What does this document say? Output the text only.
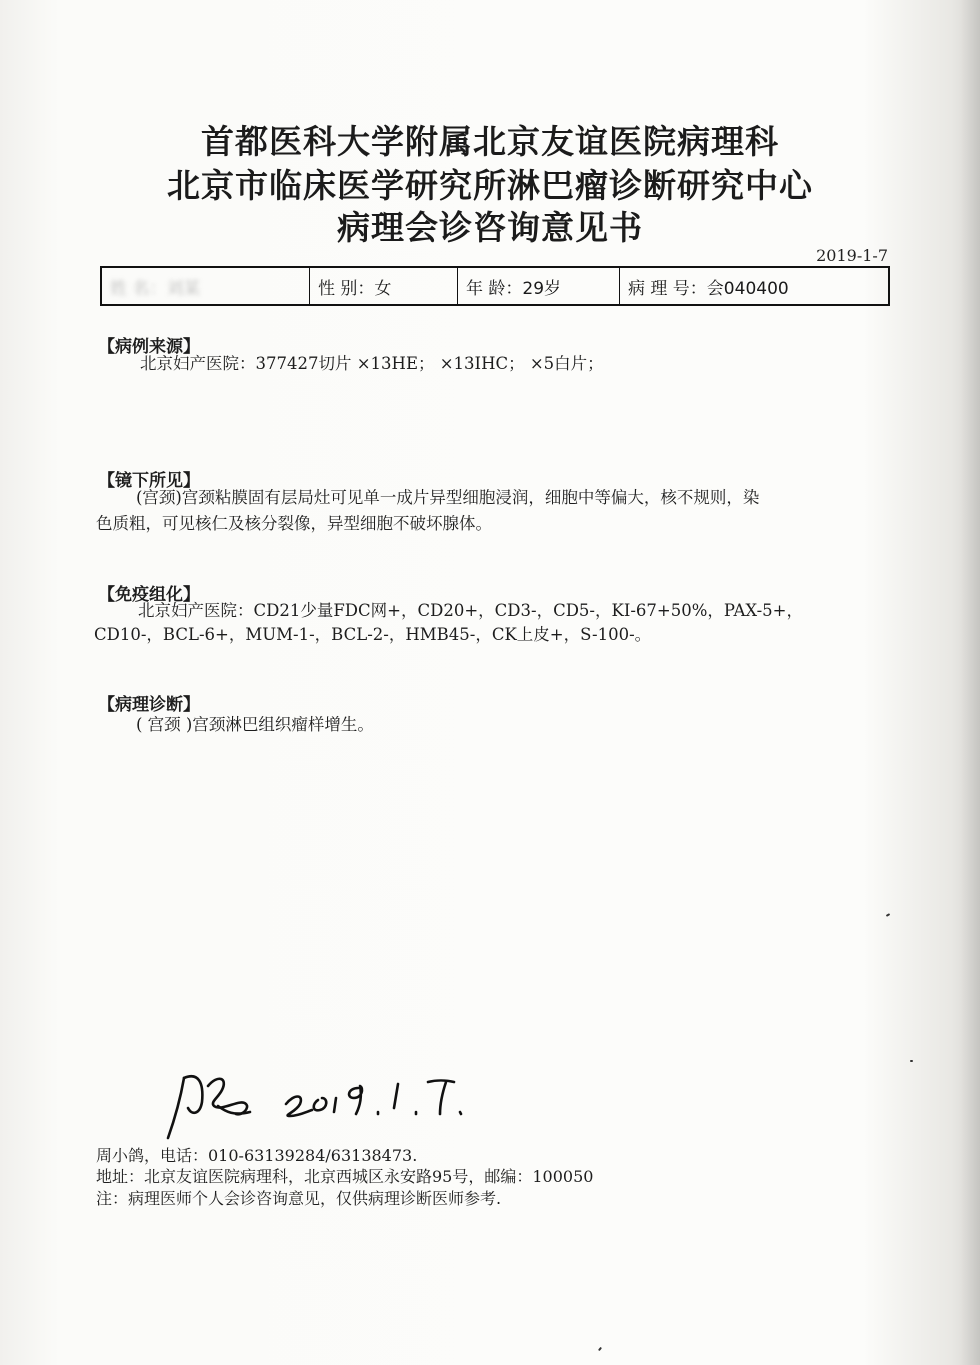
首都医科大学附属北京友谊医院病理科
北京市临床医学研究所淋巴瘤诊断研究中心
病理会诊咨询意见书
2019-1-7
姓 名：刘某	性 别：女	年 龄：29岁	病 理 号：会040400
【病例来源】
北京妇产医院：377427切片 ×13HE； ×13IHC； ×5白片；
【镜下所见】
(宫颈)宫颈粘膜固有层局灶可见单一成片异型细胞浸润，细胞中等偏大，核不规则，染
色质粗，可见核仁及核分裂像，异型细胞不破坏腺体。
【免疫组化】
北京妇产医院：CD21少量FDC网+，CD20+，CD3-，CD5-，KI-67+50%，PAX-5+，
CD10-，BCL-6+，MUM-1-，BCL-2-，HMB45-，CK上皮+，S-100-。
【病理诊断】
( 宫颈 )宫颈淋巴组织瘤样增生。
周小鸽，电话：010-63139284/63138473.
地址：北京友谊医院病理科，北京西城区永安路95号，邮编：100050
注：病理医师个人会诊咨询意见，仅供病理诊断医师参考.
